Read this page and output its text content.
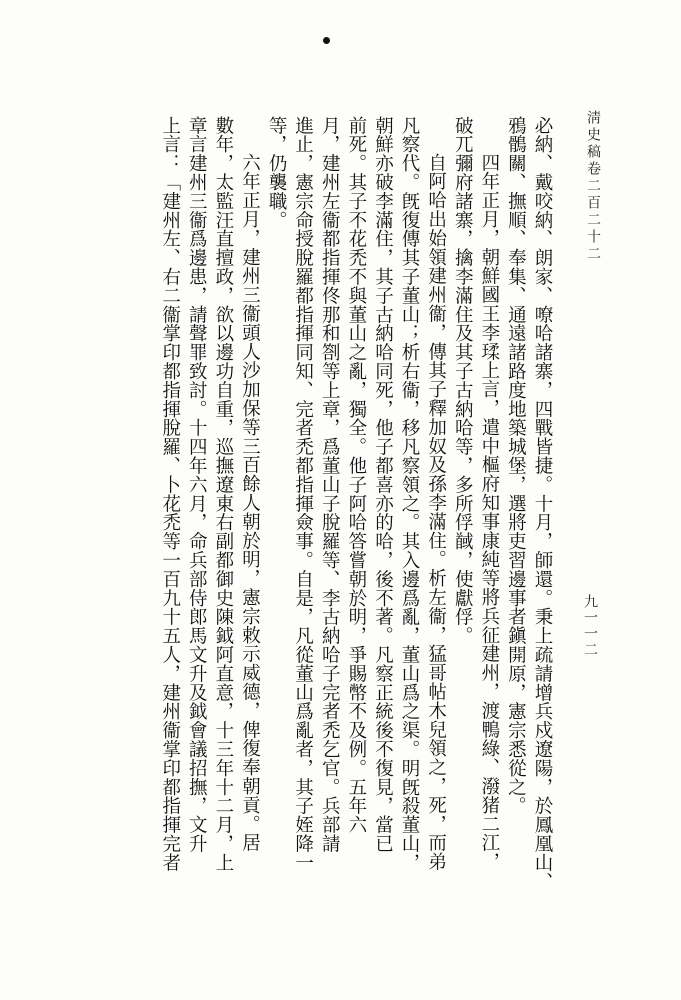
淸史稿卷二百二十二
九一一二
必納、戴咬納、朗家、嘹哈諸寨，四戰皆捷。十月，師還。秉上疏請增兵戍遼陽，於鳳凰山、
鴉鶻關、撫順、奉集、通遠諸路度地築城堡，選將吏習邊事者鎭開原，憲宗悉從之。
四年正月，朝鮮國王李瑈上言，遣中樞府知事康純等將兵征建州，渡鴨綠、潑猪二江，
破兀彌府諸寨，擒李滿住及其子古納哈等，多所俘馘，使獻俘。
自阿哈出始領建州衞，傳其子釋加奴及孫李滿住。析左衞，猛哥帖木兒領之，死，而弟
凡察代。旣復傳其子董山；析右衞，移凡察領之。其入邊爲亂，董山爲之渠。明旣殺董山，
朝鮮亦破李滿住，其子古納哈同死，他子都喜亦的哈，後不著。凡察正統後不復見，當已
前死。其子不花禿不與董山之亂，獨全。他子阿哈答嘗朝於明，爭賜幣不及例。五年六
月，建州左衞都指揮佟那和劄等上章，爲董山子脫羅等、李古納哈子完者禿乞官。兵部請
進止，憲宗命授脫羅都指揮同知、完者禿都指揮僉事。自是，凡從董山爲亂者，其子姪降一
等，仍襲職。
六年正月，建州三衞頭人沙加保等三百餘人朝於明，憲宗敕示威德，俾復奉朝貢。居
數年，太監汪直擅政，欲以邊功自重，巡撫遼東右副都御史陳鉞阿直意，十三年十二月，上
章言建州三衞爲邊患，請聲罪致討。十四年六月，命兵部侍郎馬文升及鉞會議招撫，文升
上言：「建州左、右二衞掌印都指揮脫羅、卜花禿等一百九十五人，建州衞掌印都指揮完者
